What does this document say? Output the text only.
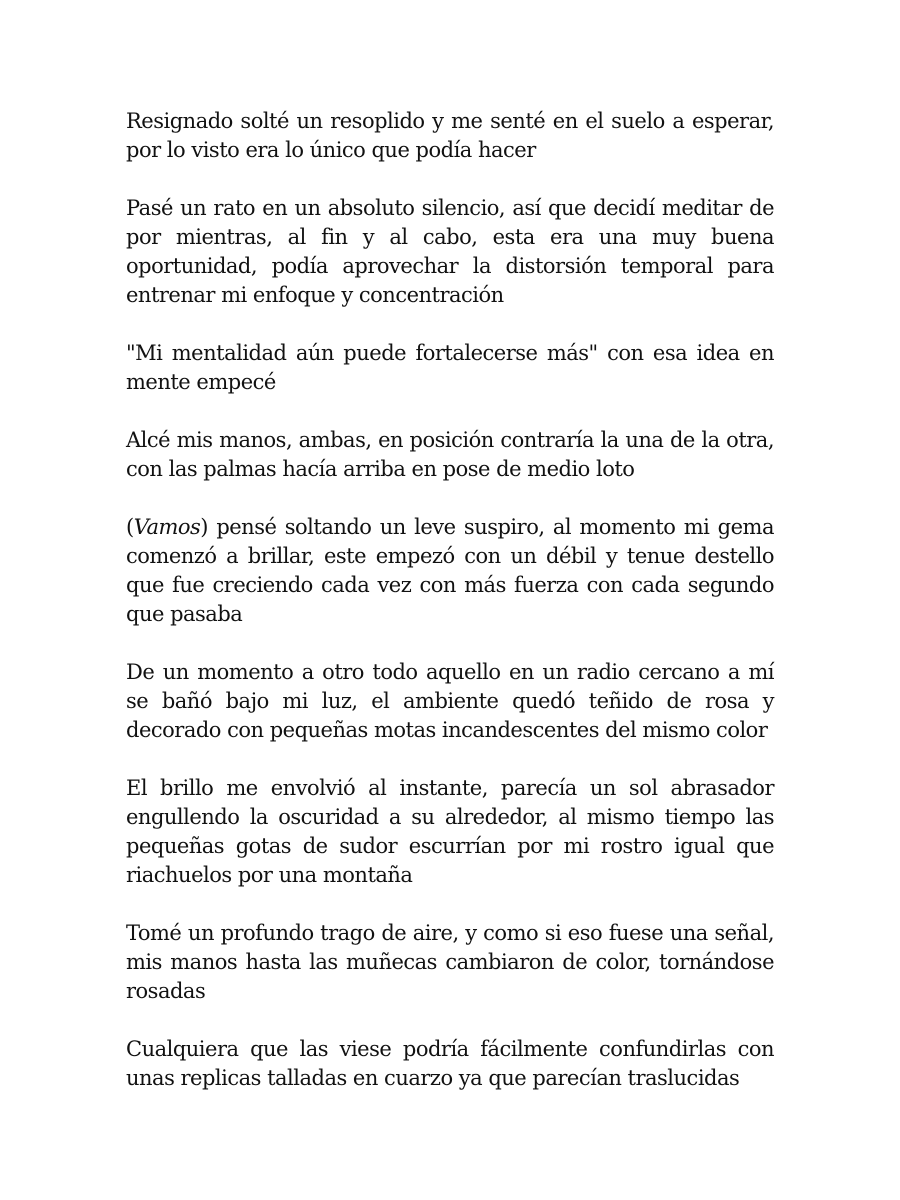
Resignado solté un resoplido y me senté en el suelo a esperar, por lo visto era lo único que podía hacer

Pasé un rato en un absoluto silencio, así que decidí meditar de por mientras, al fin y al cabo, esta era una muy buena oportunidad, podía aprovechar la distorsión temporal para entrenar mi enfoque y concentración

"Mi mentalidad aún puede fortalecerse más" con esa idea en mente empecé

Alcé mis manos, ambas, en posición contraría la una de la otra, con las palmas hacía arriba en pose de medio loto

(Vamos) pensé soltando un leve suspiro, al momento mi gema comenzó a brillar, este empezó con un débil y tenue destello que fue creciendo cada vez con más fuerza con cada segundo que pasaba

De un momento a otro todo aquello en un radio cercano a mí se bañó bajo mi luz, el ambiente quedó teñido de rosa y decorado con pequeñas motas incandescentes del mismo color

El brillo me envolvió al instante, parecía un sol abrasador engullendo la oscuridad a su alrededor, al mismo tiempo las pequeñas gotas de sudor escurrían por mi rostro igual que riachuelos por una montaña

Tomé un profundo trago de aire, y como si eso fuese una señal, mis manos hasta las muñecas cambiaron de color, tornándose rosadas

Cualquiera que las viese podría fácilmente confundirlas con unas replicas talladas en cuarzo ya que parecían traslucidas
